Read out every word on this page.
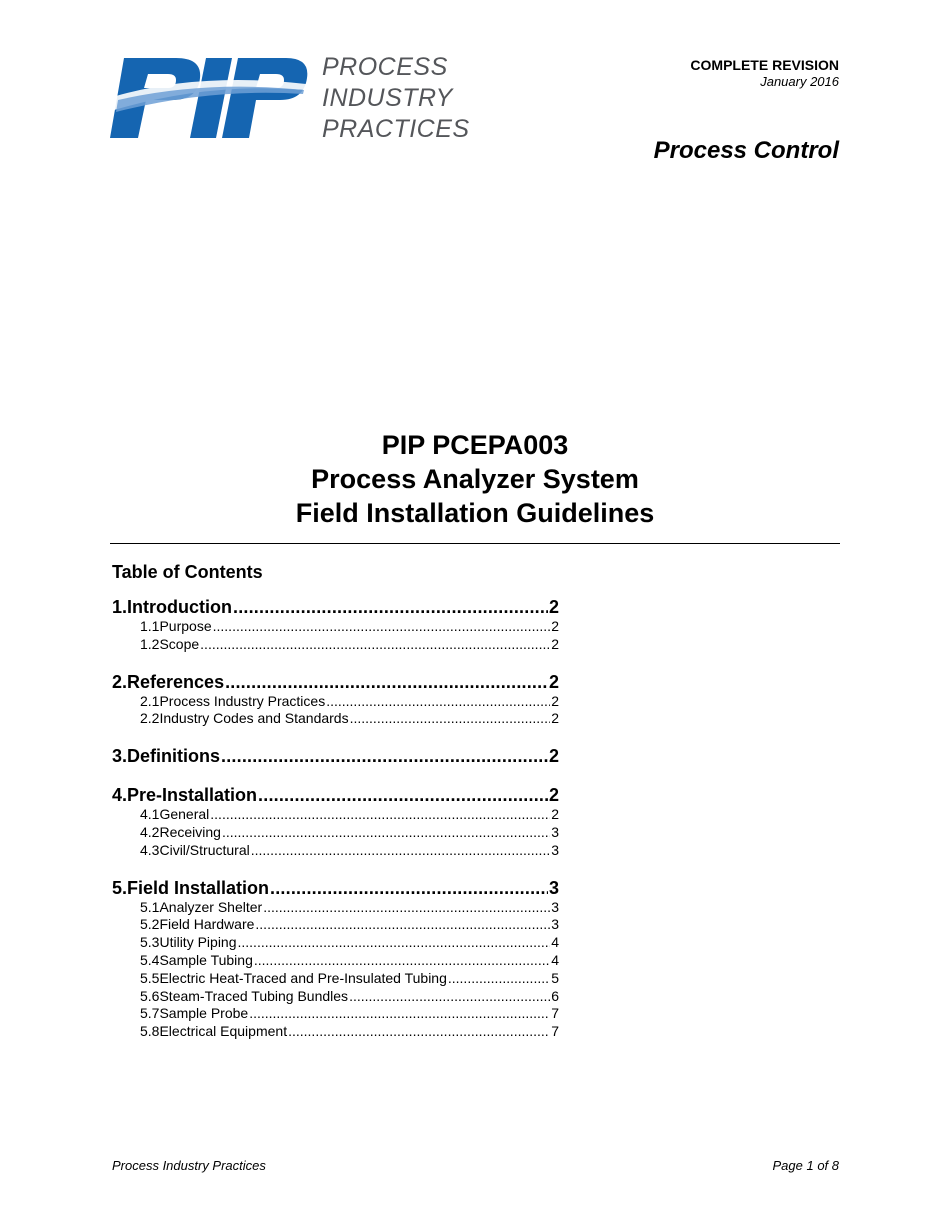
PROCESS
INDUSTRY
PRACTICES
COMPLETE REVISION
January 2016
Process Control
PIP PCEPA003
Process Analyzer System
Field Installation Guidelines
Table of Contents
1. Introduction .....	2
1.1 Purpose .....	2
1.2 Scope .....	2
2. References .....	2
2.1 Process Industry Practices .....	2
2.2 Industry Codes and Standards .....	2
3. Definitions .....	2
4. Pre-Installation .....	2
4.1 General .....	2
4.2 Receiving .....	3
4.3 Civil/Structural .....	3
5. Field Installation .....	3
5.1 Analyzer Shelter .....	3
5.2 Field Hardware .....	3
5.3 Utility Piping .....	4
5.4 Sample Tubing .....	4
5.5 Electric Heat-Traced and Pre-Insulated Tubing .....	5
5.6 Steam-Traced Tubing Bundles .....	6
5.7 Sample Probe .....	7
5.8 Electrical Equipment .....	7
Process Industry Practices	Page 1 of 8
